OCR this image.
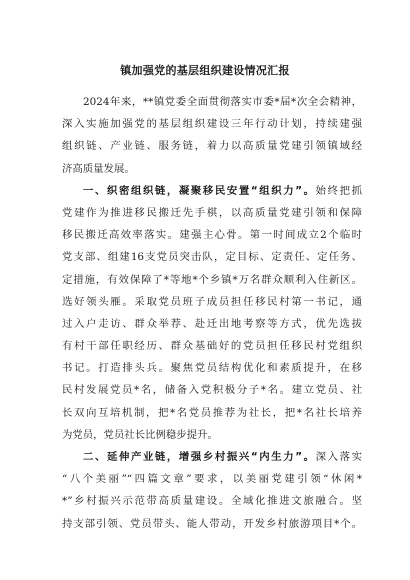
镇加强党的基层组织建设情况汇报
2024年来，**镇党委全面贯彻落实市委*届*次全会精神，
深入实施加强党的基层组织建设三年行动计划，持续建强
组织链、产业链、服务链，着力以高质量党建引领镇域经
济高质量发展。
一、织密组织链，凝聚移民安置“组织力”。始终把抓
党建作为推进移民搬迁先手棋，以高质量党建引领和保障
移民搬迁高效率落实。建强主心骨。第一时间成立2个临时
党支部、组建16支党员突击队，定目标、定责任、定任务、
定措施，有效保障了*等地*个乡镇*万名群众顺利入住新区。
选好领头雁。采取党员班子成员担任移民村第一书记，通
过入户走访、群众举荐、赴迁出地考察等方式，优先选拔
有村干部任职经历、群众基础好的党员担任移民村党组织
书记。打造排头兵。聚焦党员结构优化和素质提升，在移
民村发展党员*名，储备入党积极分子*名。建立党员、社
长双向互培机制，把*名党员推荐为社长，把*名社长培养
为党员，党员社长比例稳步提升。
二、延伸产业链，增强乡村振兴“内生力”。深入落实
“八个美丽”“四篇文章”要求，以美丽党建引领“休闲*
*”乡村振兴示范带高质量建设。全域化推进文旅融合。坚
持支部引领、党员带头、能人带动，开发乡村旅游项目*个。
